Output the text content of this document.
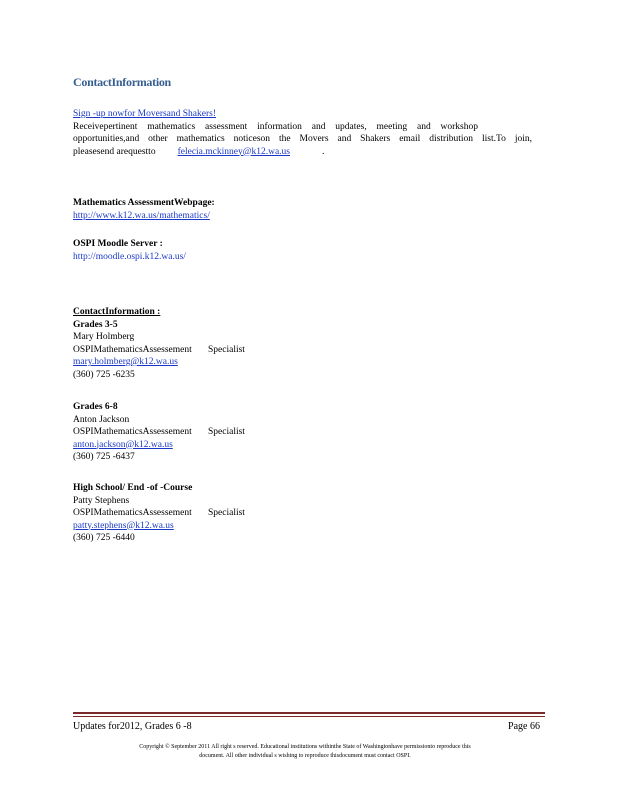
ContactInformation
Sign -up nowfor Moversand Shakers!
Receivepertinent mathematics assessment information and updates, meeting and workshop
opportunities,and other mathematics noticeson the Movers and Shakers email distribution list.To join,
pleasesend arequestto felecia.mckinney@k12.wa.us	.
Mathematics AssessmentWebpage:
http://www.k12.wa.us/mathematics/
OSPI Moodle Server :
http://moodle.ospi.k12.wa.us/
ContactInformation :
Grades 3-5
Mary Holmberg
OSPIMathematicsAssessement	Specialist
mary.holmberg@k12.wa.us
(360) 725 -6235
Grades 6-8
Anton Jackson
OSPIMathematicsAssessement	Specialist
anton.jackson@k12.wa.us
(360) 725 -6437
High School/ End -of -Course
Patty Stephens
OSPIMathematicsAssessement	Specialist
patty.stephens@k12.wa.us
(360) 725 -6440
Updates for2012, Grades 6 -8	Page 66
Copyright © September 2011 All right s reserved. Educational institutions withinthe State of Washingtonhave permissionto reproduce this
document. All other individual s wishing to reproduce thisdocument must contact OSPI.
